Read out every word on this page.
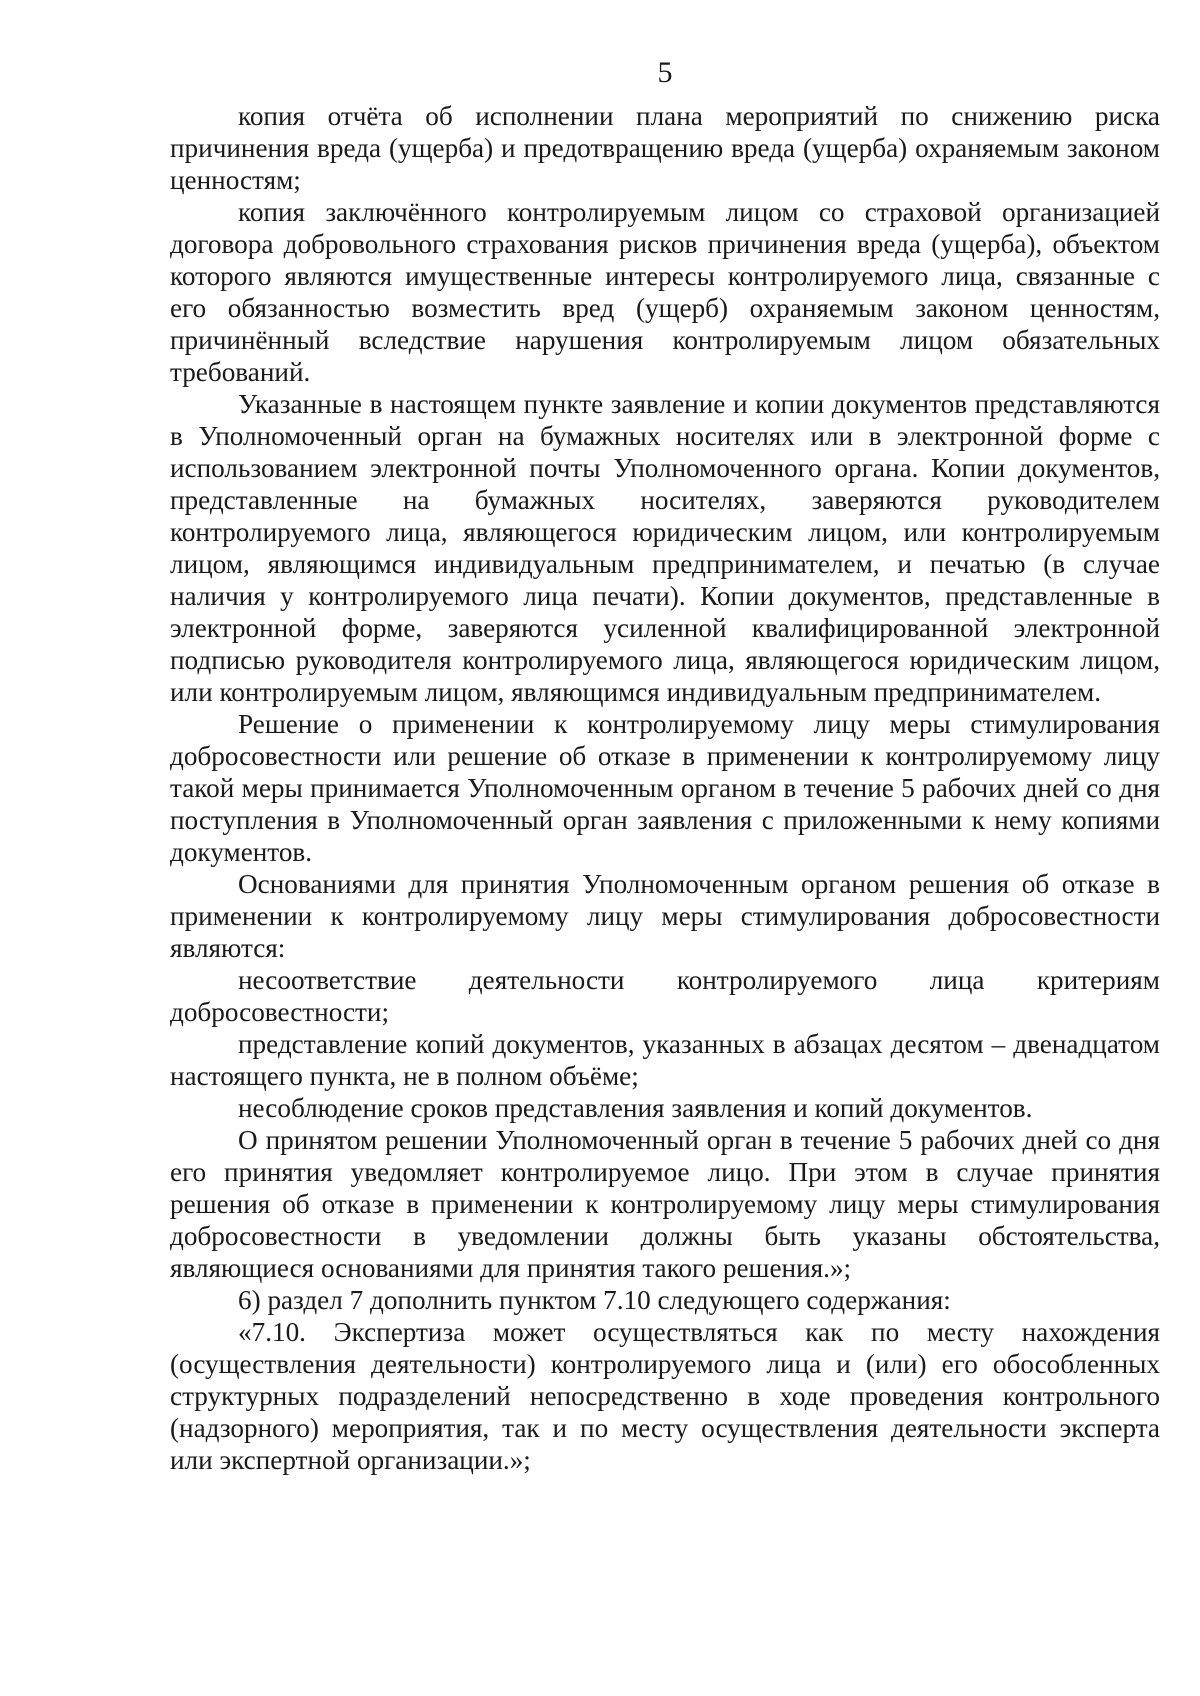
5

копия отчёта об исполнении плана мероприятий по снижению риска причинения вреда (ущерба) и предотвращению вреда (ущерба) охраняемым законом ценностям;

копия заключённого контролируемым лицом со страховой организацией договора добровольного страхования рисков причинения вреда (ущерба), объектом которого являются имущественные интересы контролируемого лица, связанные с его обязанностью возместить вред (ущерб) охраняемым законом ценностям, причинённый вследствие нарушения контролируемым лицом обязательных требований.

Указанные в настоящем пункте заявление и копии документов представляются в Уполномоченный орган на бумажных носителях или в электронной форме с использованием электронной почты Уполномоченного органа. Копии документов, представленные на бумажных носителях, заверяются руководителем контролируемого лица, являющегося юридическим лицом, или контролируемым лицом, являющимся индивидуальным предпринимателем, и печатью (в случае наличия у контролируемого лица печати). Копии документов, представленные в электронной форме, заверяются усиленной квалифицированной электронной подписью руководителя контролируемого лица, являющегося юридическим лицом, или контролируемым лицом, являющимся индивидуальным предпринимателем.

Решение о применении к контролируемому лицу меры стимулирования добросовестности или решение об отказе в применении к контролируемому лицу такой меры принимается Уполномоченным органом в течение 5 рабочих дней со дня поступления в Уполномоченный орган заявления с приложенными к нему копиями документов.

Основаниями для принятия Уполномоченным органом решения об отказе в применении к контролируемому лицу меры стимулирования добросовестности являются:

несоответствие деятельности контролируемого лица критериям добросовестности;

представление копий документов, указанных в абзацах десятом – двенадцатом настоящего пункта, не в полном объёме;

несоблюдение сроков представления заявления и копий документов.

О принятом решении Уполномоченный орган в течение 5 рабочих дней со дня его принятия уведомляет контролируемое лицо. При этом в случае принятия решения об отказе в применении к контролируемому лицу меры стимулирования добросовестности в уведомлении должны быть указаны обстоятельства, являющиеся основаниями для принятия такого решения.»;

6) раздел 7 дополнить пунктом 7.10 следующего содержания:

«7.10. Экспертиза может осуществляться как по месту нахождения (осуществления деятельности) контролируемого лица и (или) его обособленных структурных подразделений непосредственно в ходе проведения контрольного (надзорного) мероприятия, так и по месту осуществления деятельности эксперта или экспертной организации.»;
